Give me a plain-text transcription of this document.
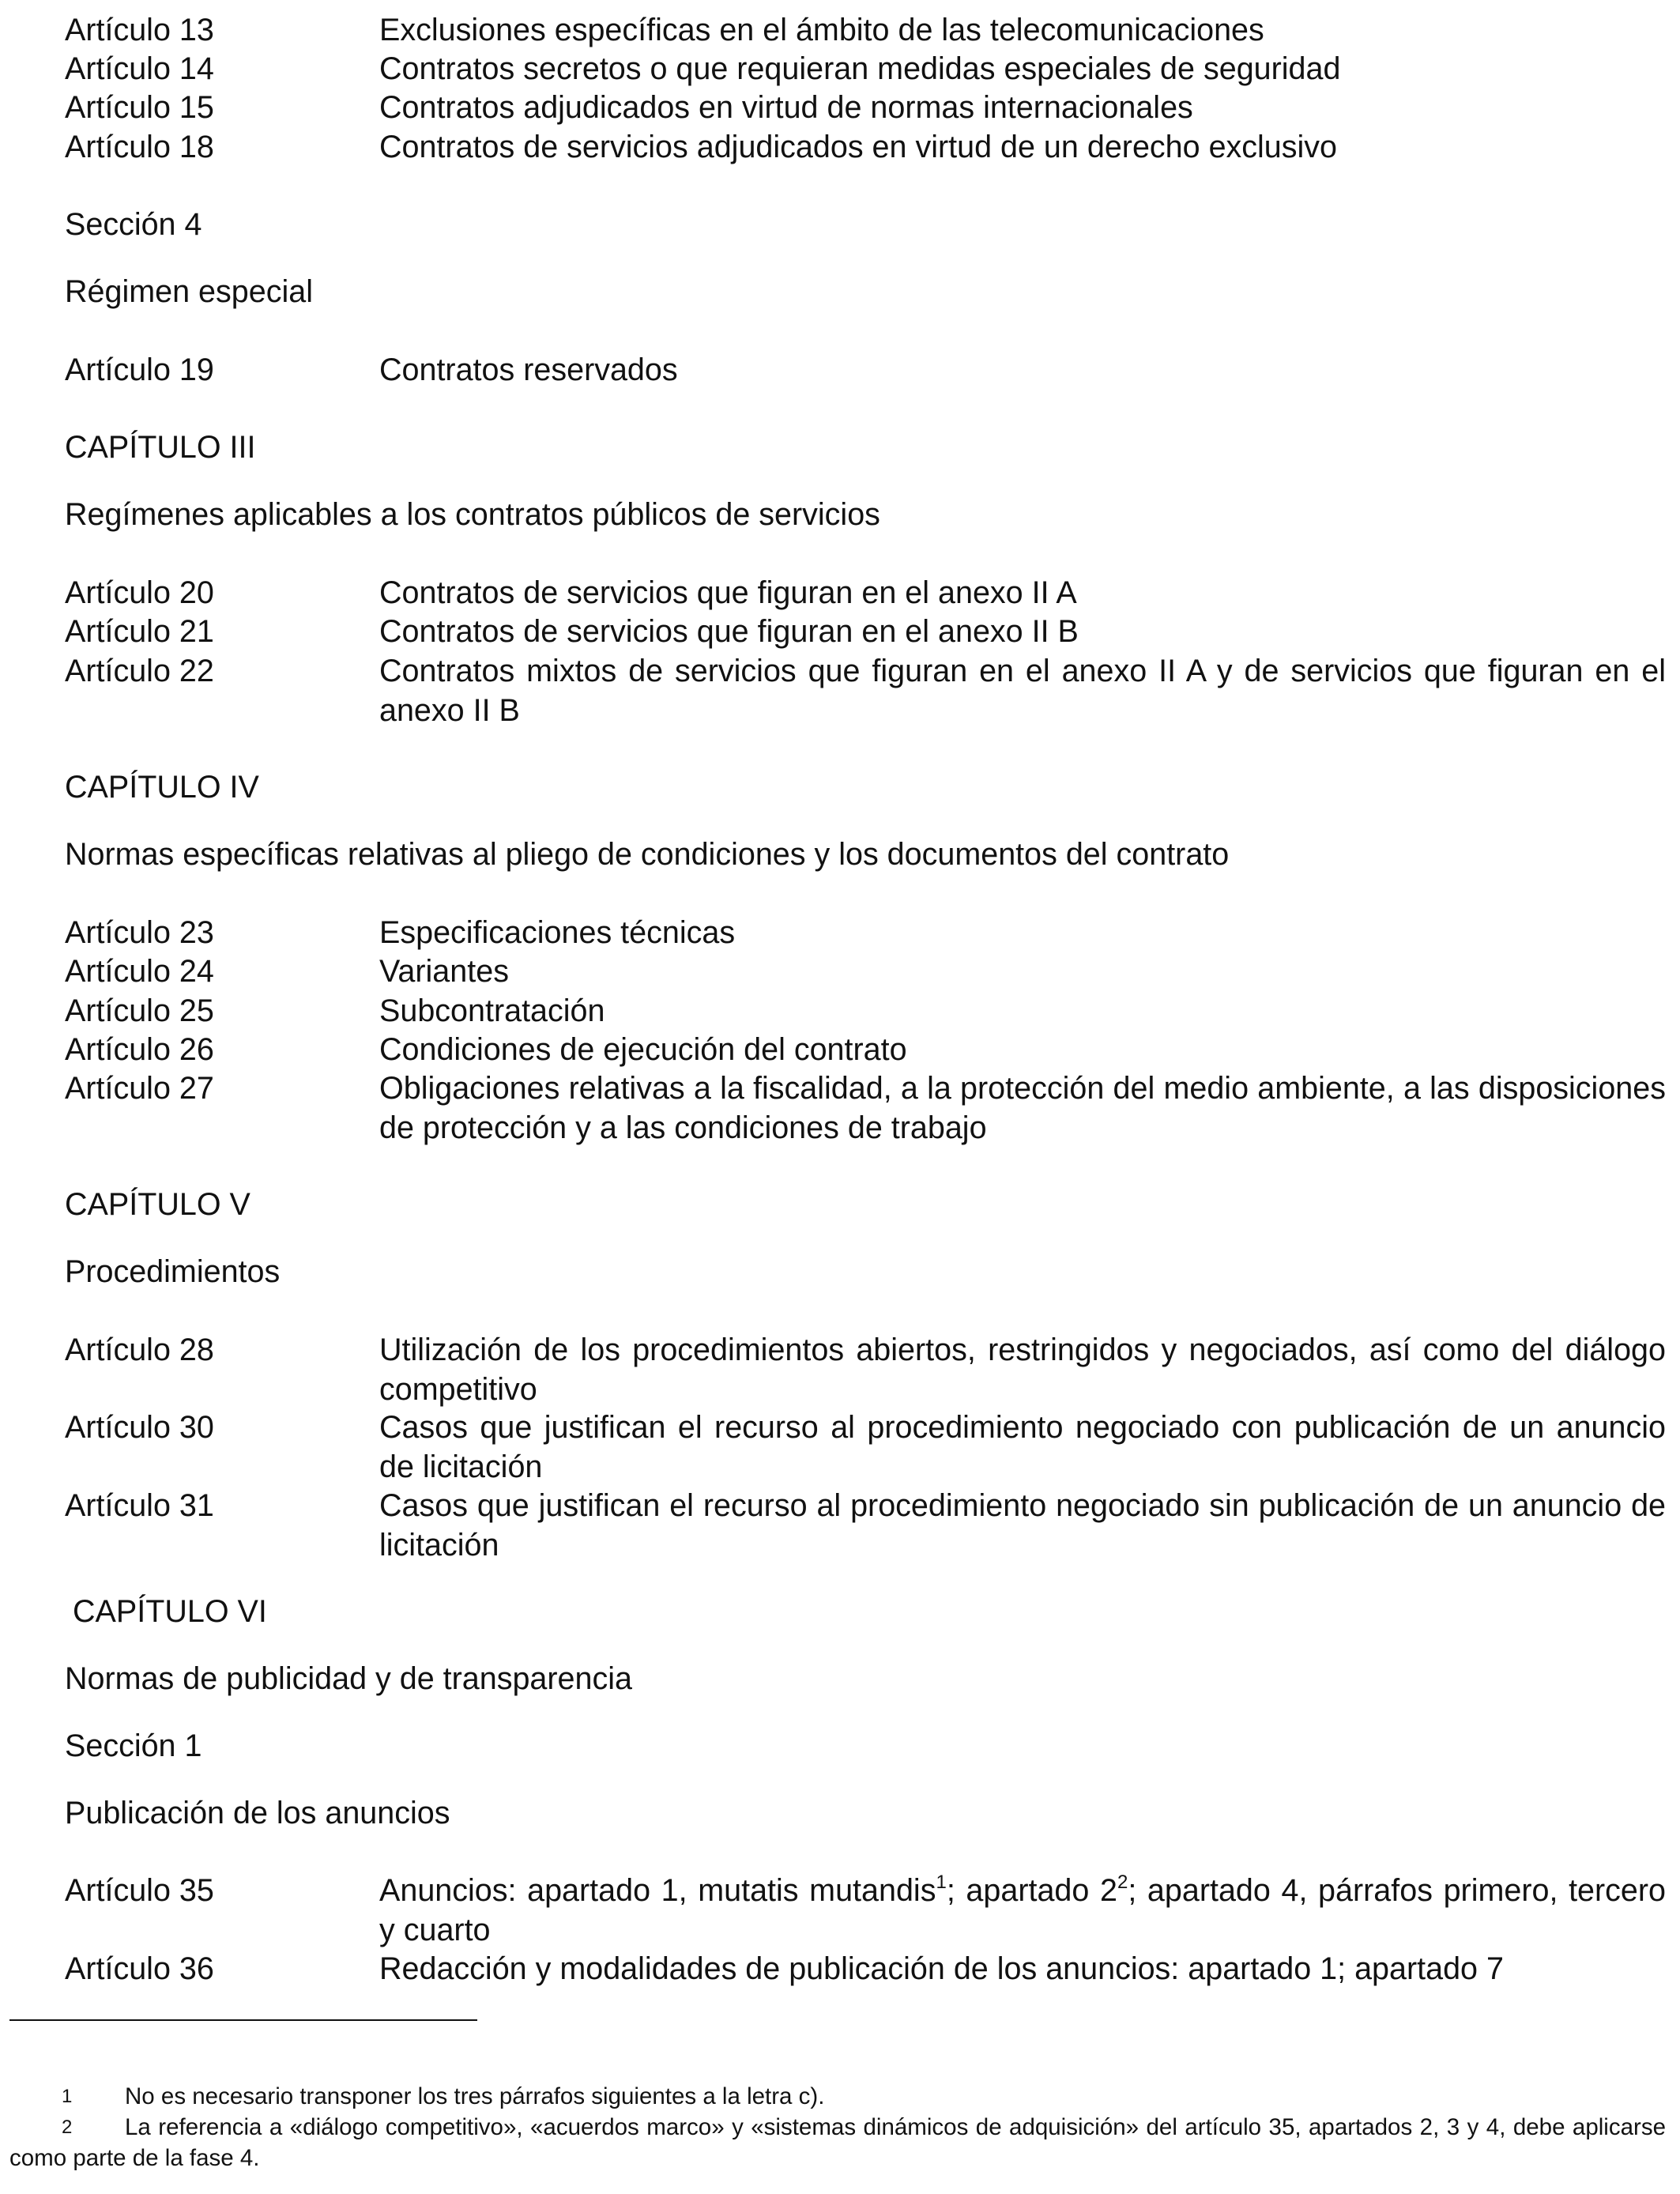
Artículo 13	Exclusiones específicas en el ámbito de las telecomunicaciones

Artículo 14	Contratos secretos o que requieran medidas especiales de seguridad

Artículo 15	Contratos adjudicados en virtud de normas internacionales

Artículo 18	Contratos de servicios adjudicados en virtud de un derecho exclusivo

Sección 4

Régimen especial

Artículo 19	Contratos reservados

CAPÍTULO III

Regímenes aplicables a los contratos públicos de servicios

Artículo 20	Contratos de servicios que figuran en el anexo II A

Artículo 21	Contratos de servicios que figuran en el anexo II B

Artículo 22	Contratos mixtos de servicios que figuran en el anexo II A y de servicios que figuran en el anexo II B

CAPÍTULO IV

Normas específicas relativas al pliego de condiciones y los documentos del contrato

Artículo 23	Especificaciones técnicas

Artículo 24	Variantes

Artículo 25	Subcontratación

Artículo 26	Condiciones de ejecución del contrato

Artículo 27	Obligaciones relativas a la fiscalidad, a la protección del medio ambiente, a las disposiciones de protección y a las condiciones de trabajo

CAPÍTULO V

Procedimientos

Artículo 28	Utilización de los procedimientos abiertos, restringidos y negociados, así como del diálogo competitivo

Artículo 30	Casos que justifican el recurso al procedimiento negociado con publicación de un anuncio de licitación

Artículo 31	Casos que justifican el recurso al procedimiento negociado sin publicación de un anuncio de licitación

CAPÍTULO VI

Normas de publicidad y de transparencia

Sección 1

Publicación de los anuncios

Artículo 35	Anuncios: apartado 1, mutatis mutandis$^1$; apartado $2^2$; apartado 4, párrafos primero, tercero y cuarto

Artículo 36	Redacción y modalidades de publicación de los anuncios: apartado 1; apartado 7

1 No es necesario transponer los tres párrafos siguientes a la letra c).

2	La referencia a «diálogo competitivo», «acuerdos marco» y «sistemas dinámicos de adquisición» del artículo 35, apartados 2, 3 y 4, debe aplicarse como parte de la fase 4.
